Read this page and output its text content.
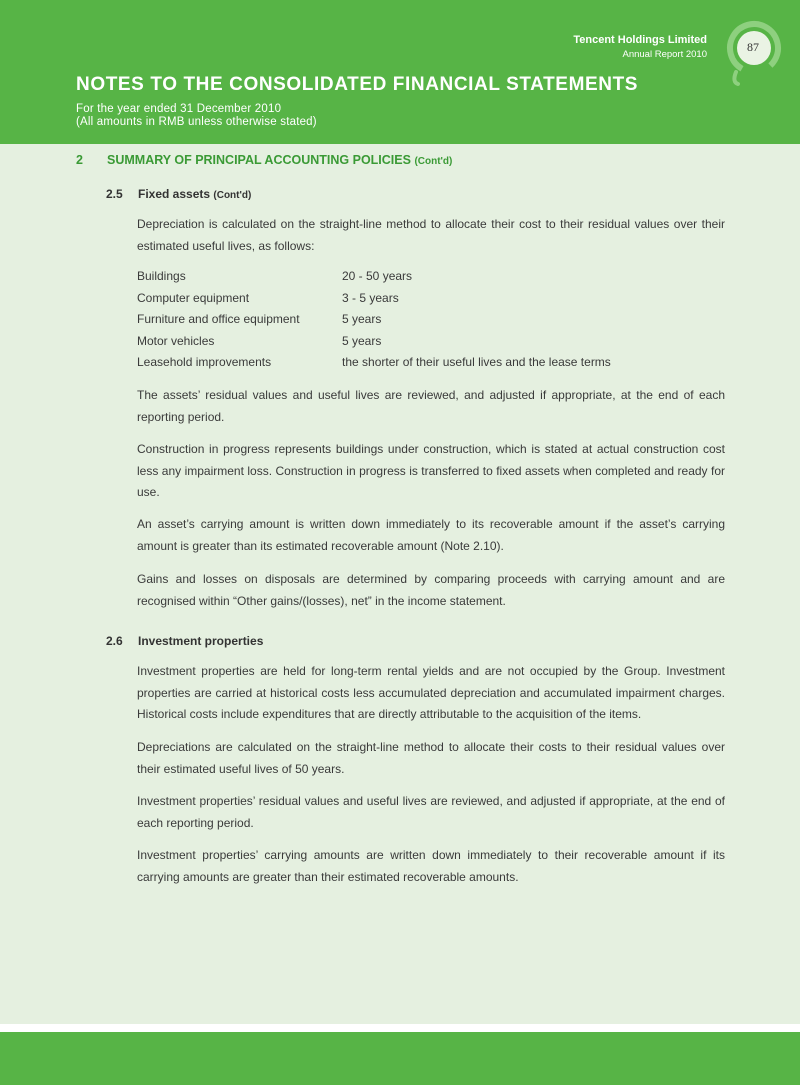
Tencent Holdings Limited
Annual Report 2010
87
NOTES TO THE CONSOLIDATED FINANCIAL STATEMENTS
For the year ended 31 December 2010
(All amounts in RMB unless otherwise stated)
2 SUMMARY OF PRINCIPAL ACCOUNTING POLICIES (Cont'd)
2.5 Fixed assets (Cont'd)

Depreciation is calculated on the straight-line method to allocate their cost to their residual values over their estimated useful lives, as follows:

Buildings	20 - 50 years
Computer equipment	3 - 5 years
Furniture and office equipment	5 years
Motor vehicles	5 years
Leasehold improvements	the shorter of their useful lives and the lease terms

The assets’ residual values and useful lives are reviewed, and adjusted if appropriate, at the end of each reporting period.

Construction in progress represents buildings under construction, which is stated at actual construction cost less any impairment loss. Construction in progress is transferred to fixed assets when completed and ready for use.

An asset’s carrying amount is written down immediately to its recoverable amount if the asset’s carrying amount is greater than its estimated recoverable amount (Note 2.10).

Gains and losses on disposals are determined by comparing proceeds with carrying amount and are recognised within “Other gains/(losses), net” in the income statement.

2.6 Investment properties

Investment properties are held for long-term rental yields and are not occupied by the Group. Investment properties are carried at historical costs less accumulated depreciation and accumulated impairment charges. Historical costs include expenditures that are directly attributable to the acquisition of the items.

Depreciations are calculated on the straight-line method to allocate their costs to their residual values over their estimated useful lives of 50 years.

Investment properties’ residual values and useful lives are reviewed, and adjusted if appropriate, at the end of each reporting period.

Investment properties’ carrying amounts are written down immediately to their recoverable amount if its carrying amounts are greater than their estimated recoverable amounts.
